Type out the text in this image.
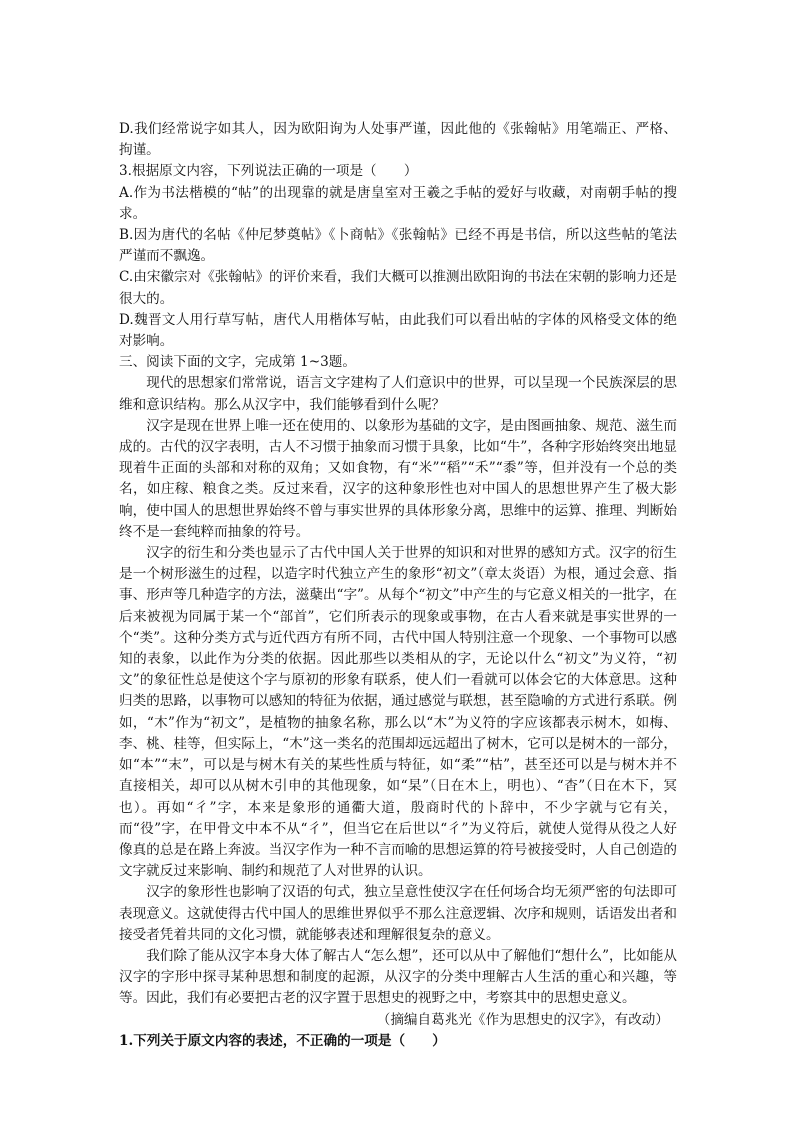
D.我们经常说字如其人，因为欧阳询为人处事严谨，因此他的《张翰帖》用笔端正、严格、拘谨。
3.根据原文内容，下列说法正确的一项是（　　）
A.作为书法楷模的“帖”的出现靠的就是唐皇室对王羲之手帖的爱好与收藏，对南朝手帖的搜求。
B.因为唐代的名帖《仲尼梦奠帖》《卜商帖》《张翰帖》已经不再是书信，所以这些帖的笔法严谨而不飘逸。
C.由宋徽宗对《张翰帖》的评价来看，我们大概可以推测出欧阳询的书法在宋朝的影响力还是很大的。
D.魏晋文人用行草写帖，唐代人用楷体写帖，由此我们可以看出帖的字体的风格受文体的绝对影响。
三、阅读下面的文字，完成第 1~3题。
现代的思想家们常常说，语言文字建构了人们意识中的世界，可以呈现一个民族深层的思维和意识结构。那么从汉字中，我们能够看到什么呢？
汉字是现在世界上唯一还在使用的、以象形为基础的文字，是由图画抽象、规范、滋生而成的。古代的汉字表明，古人不习惯于抽象而习惯于具象，比如“牛”，各种字形始终突出地显现着牛正面的头部和对称的双角；又如食物，有“米”“稻”“禾”“黍”等，但并没有一个总的类名，如庄稼、粮食之类。反过来看，汉字的这种象形性也对中国人的思想世界产生了极大影响，使中国人的思想世界始终不曾与事实世界的具体形象分离，思维中的运算、推理、判断始终不是一套纯粹而抽象的符号。
汉字的衍生和分类也显示了古代中国人关于世界的知识和对世界的感知方式。汉字的衍生是一个树形滋生的过程，以造字时代独立产生的象形“初文”（章太炎语）为根，通过会意、指事、形声等几种造字的方法，滋蘖出“字”。从每个“初文”中产生的与它意义相关的一批字，在后来被视为同属于某一个“部首”，它们所表示的现象或事物，在古人看来就是事实世界的一个“类”。这种分类方式与近代西方有所不同，古代中国人特别注意一个现象、一个事物可以感知的表象，以此作为分类的依据。因此那些以类相从的字，无论以什么“初文”为义符，“初文”的象征性总是使这个字与原初的形象有联系，使人们一看就可以体会它的大体意思。这种归类的思路，以事物可以感知的特征为依据，通过感觉与联想，甚至隐喻的方式进行系联。例如，“木”作为“初文”，是植物的抽象名称，那么以“木”为义符的字应该都表示树木，如梅、李、桃、桂等，但实际上，“木”这一类名的范围却远远超出了树木，它可以是树木的一部分，如“本”“末”，可以是与树木有关的某些性质与特征，如“柔”“枯”，甚至还可以是与树木并不直接相关，却可以从树木引申的其他现象，如“杲”（日在木上，明也）、“杳”（日在木下，冥也）。再如“彳”字，本来是象形的通衢大道，殷商时代的卜辞中，不少字就与它有关，而“役”字，在甲骨文中本不从“彳”，但当它在后世以“彳”为义符后，就使人觉得从役之人好像真的总是在路上奔波。当汉字作为一种不言而喻的思想运算的符号被接受时，人自己创造的文字就反过来影响、制约和规范了人对世界的认识。
汉字的象形性也影响了汉语的句式，独立呈意性使汉字在任何场合均无须严密的句法即可表现意义。这就使得古代中国人的思维世界似乎不那么注意逻辑、次序和规则，话语发出者和接受者凭着共同的文化习惯，就能够表述和理解很复杂的意义。
我们除了能从汉字本身大体了解古人“怎么想”，还可以从中了解他们“想什么”，比如能从汉字的字形中探寻某种思想和制度的起源，从汉字的分类中理解古人生活的重心和兴趣，等等。因此，我们有必要把古老的汉字置于思想史的视野之中，考察其中的思想史意义。
（摘编自葛兆光《作为思想史的汉字》，有改动）
1.下列关于原文内容的表述，不正确的一项是（　　）
